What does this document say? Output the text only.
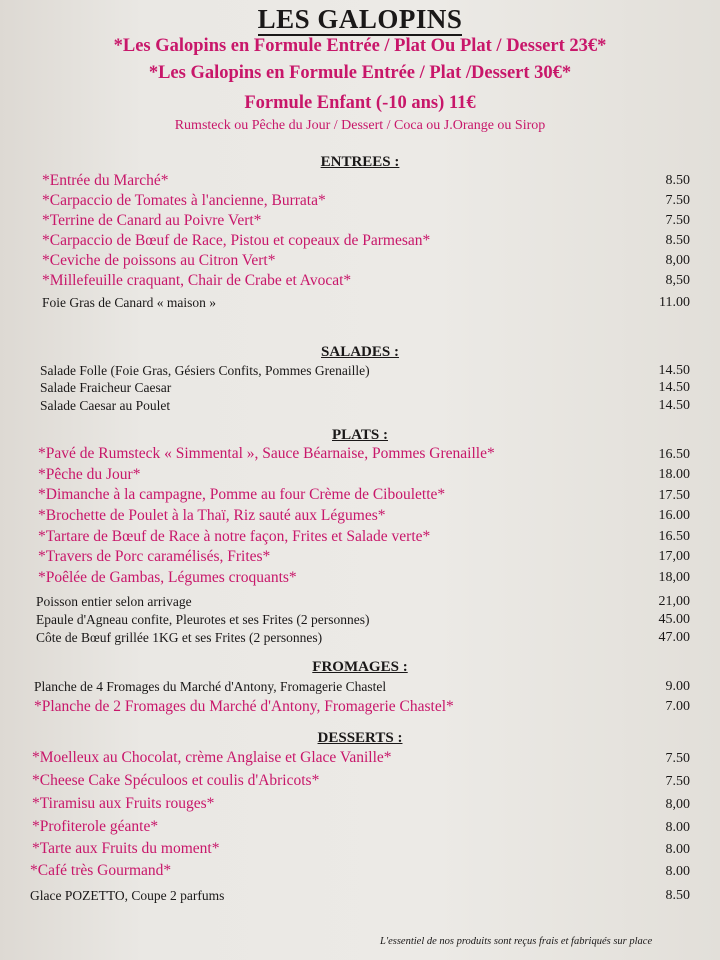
LES GALOPINS
*Les Galopins en Formule Entrée / Plat Ou Plat / Dessert 23€*
*Les Galopins en Formule Entrée / Plat /Dessert 30€*
Formule Enfant (-10 ans) 11€
Rumsteck ou Pêche du Jour / Dessert / Coca ou J.Orange ou Sirop
ENTREES :
*Entrée du Marché*	8.50
*Carpaccio de Tomates à l'ancienne, Burrata*	7.50
*Terrine de Canard au Poivre Vert*	7.50
*Carpaccio de Bœuf de Race, Pistou et copeaux de Parmesan*	8.50
*Ceviche de poissons au Citron Vert*	8,00
*Millefeuille craquant, Chair de Crabe et Avocat*	8,50
Foie Gras de Canard « maison »	11.00
SALADES :
Salade Folle (Foie Gras, Gésiers Confits, Pommes Grenaille)	14.50
Salade Fraicheur Caesar	14.50
Salade Caesar au Poulet	14.50
PLATS :
*Pavé de Rumsteck « Simmental », Sauce Béarnaise, Pommes Grenaille*	16.50
*Pêche du Jour*	18.00
*Dimanche à la campagne, Pomme au four Crème de Ciboulette*	17.50
*Brochette de Poulet à la Thaï, Riz sauté aux Légumes*	16.00
*Tartare de Bœuf de Race à notre façon, Frites et Salade verte*	16.50
*Travers de Porc caramélisés, Frites*	17,00
*Poêlée de Gambas, Légumes croquants*	18,00
Poisson entier selon arrivage	21,00
Epaule d'Agneau confite, Pleurotes et ses Frites (2 personnes)	45.00
Côte de Bœuf grillée 1KG et ses Frites (2 personnes)	47.00
FROMAGES :
Planche de 4 Fromages du Marché d'Antony, Fromagerie Chastel	9.00
*Planche de 2 Fromages du Marché d'Antony, Fromagerie Chastel*	7.00
DESSERTS :
*Moelleux au Chocolat, crème Anglaise et Glace Vanille*	7.50
*Cheese Cake Spéculoos et coulis d'Abricots*	7.50
*Tiramisu aux Fruits rouges*	8,00
*Profiterole géante*	8.00
*Tarte aux Fruits du moment*	8.00
*Café très Gourmand*	8.00
Glace POZETTO, Coupe 2 parfums	8.50
L'essentiel de nos produits sont reçus frais et fabriqués sur place
